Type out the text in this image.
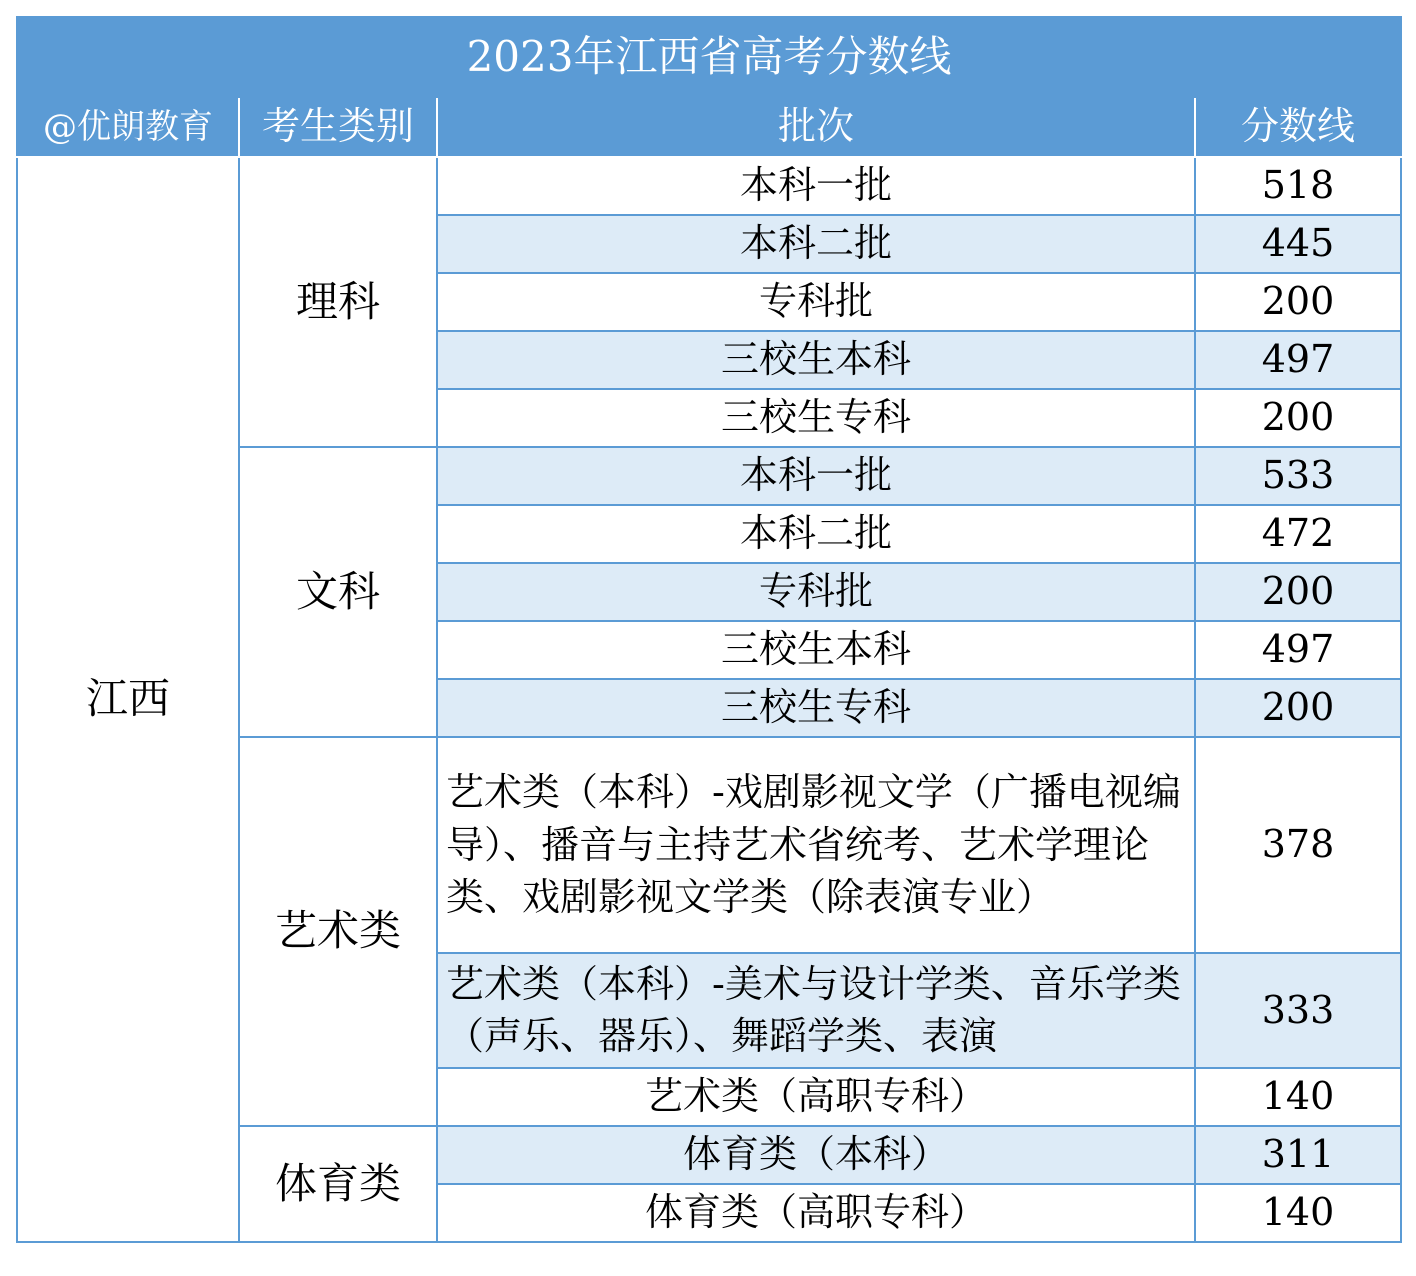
2023年江西省高考分数线			
@优朗教育	考生类别	批次	分数线
江西	理科	本科一批	518
		本科二批	445
		专科批	200
		三校生本科	497
		三校生专科	200
	文科	本科一批	533
		本科二批	472
		专科批	200
		三校生本科	497
		三校生专科	200
	艺术类	艺术类（本科）-戏剧影视文学（广播电视编导）、播音与主持艺术省统考、艺术学理论类、戏剧影视文学类（除表演专业）	378
		艺术类（本科）-美术与设计学类、音乐学类（声乐、器乐）、舞蹈学类、表演	333
		艺术类（高职专科）	140
	体育类	体育类（本科）	311
		体育类（高职专科）	140
